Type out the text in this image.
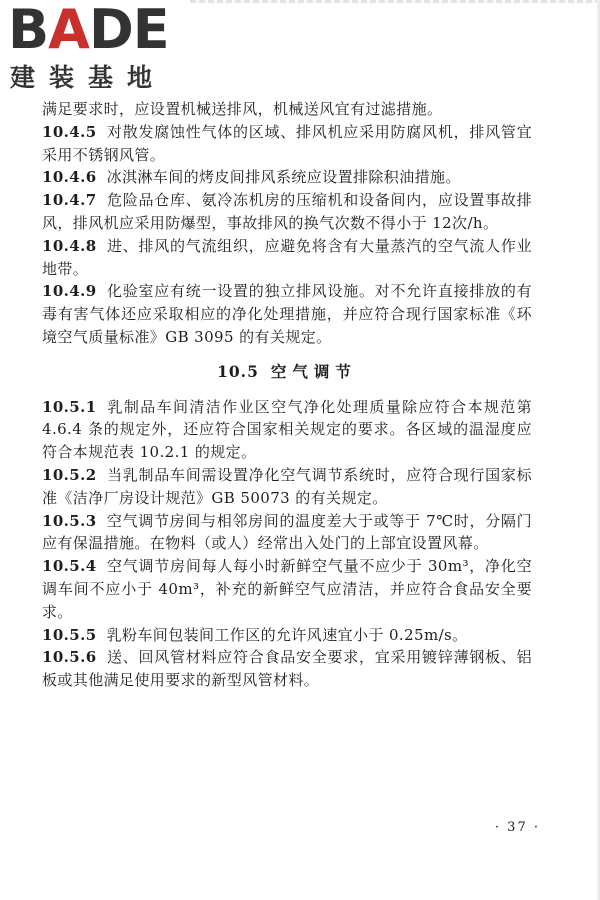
BADE
建装基地

满足要求时，应设置机械送排风，机械送风宜有过滤措施。

10.4.5 对散发腐蚀性气体的区域、排风机应采用防腐风机，排风管宜采用不锈钢风管。

10.4.6 冰淇淋车间的烤皮间排风系统应设置排除积油措施。

10.4.7 危险品仓库、氨冷冻机房的压缩机和设备间内，应设置事故排风，排风机应采用防爆型，事故排风的换气次数不得小于 12次/h。

10.4.8 进、排风的气流组织，应避免将含有大量蒸汽的空气流人作业地带。

10.4.9 化验室应有统一设置的独立排风设施。对不允许直接排放的有毒有害气体还应采取相应的净化处理措施，并应符合现行国家标准《环境空气质量标准》GB 3095 的有关规定。

10.5 空气调节

10.5.1 乳制品车间清洁作业区空气净化处理质量除应符合本规范第 4.6.4 条的规定外，还应符合国家相关规定的要求。各区域的温湿度应符合本规范表 10.2.1 的规定。

10.5.2 当乳制品车间需设置净化空气调节系统时，应符合现行国家标准《洁净厂房设计规范》GB 50073 的有关规定。

10.5.3 空气调节房间与相邻房间的温度差大于或等于 7℃时，分隔门应有保温措施。在物料（或人）经常出入处门的上部宜设置风幕。

10.5.4 空气调节房间每人每小时新鲜空气量不应少于 30m³，净化空调车间不应小于 40m³，补充的新鲜空气应清洁，并应符合食品安全要求。

10.5.5 乳粉车间包装间工作区的允许风速宜小于 0.25m/s。

10.5.6 送、回风管材料应符合食品安全要求，宜采用镀锌薄钢板、铝板或其他满足使用要求的新型风管材料。

· 37 ·
